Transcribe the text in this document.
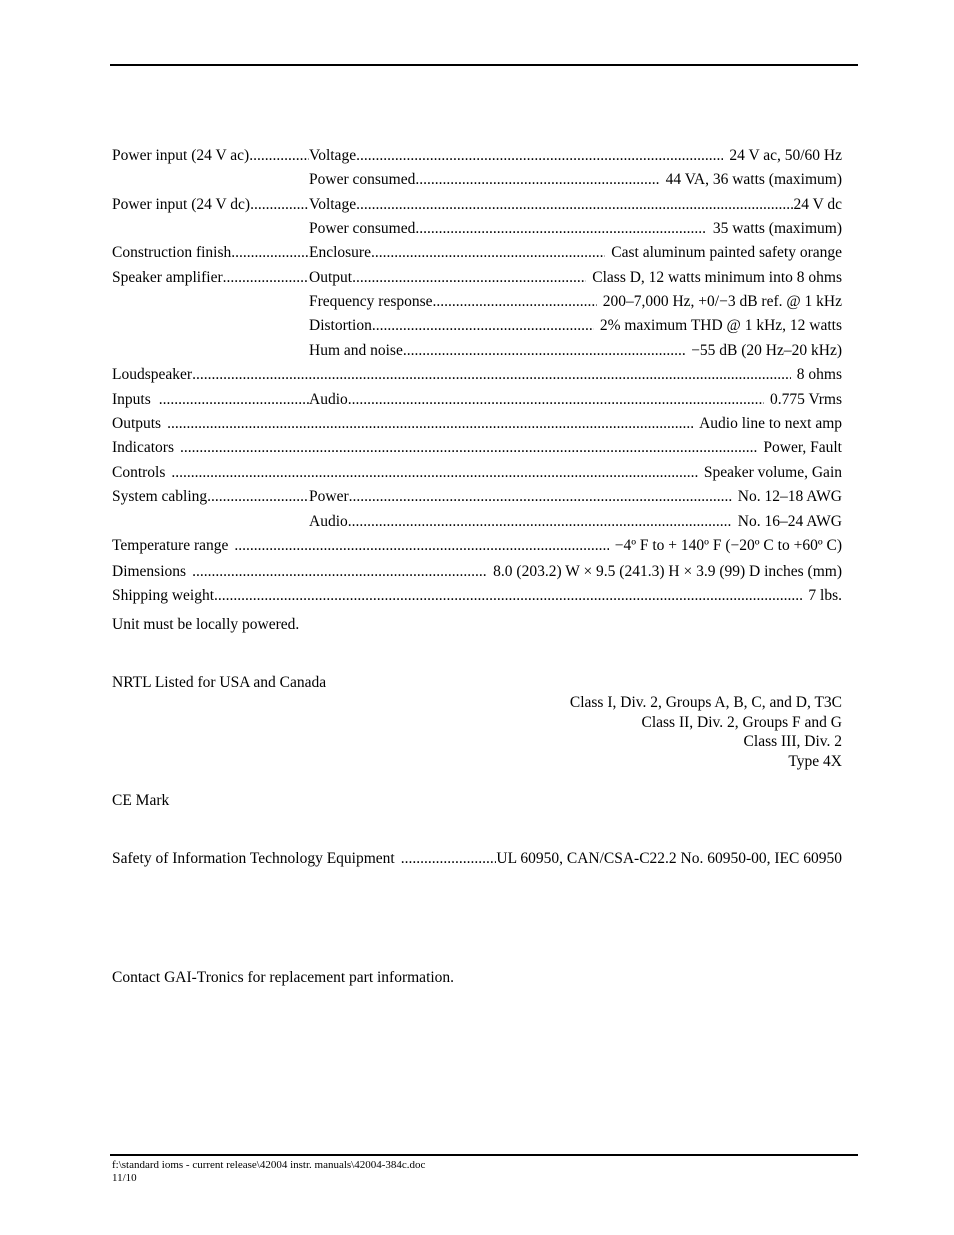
Power input (24 V ac) .....	Voltage .....	24 V ac, 50/60 Hz
Power consumed .....	44 VA, 36 watts (maximum)
Power input (24 V dc) .....	Voltage .....	24 V dc
Power consumed .....	35 watts (maximum)
Construction finish .....	Enclosure .....	Cast aluminum painted safety orange
Speaker amplifier .....	Output .....	Class D, 12 watts minimum into 8 ohms
Frequency response .....	200–7,000 Hz, +0/−3 dB ref. @ 1 kHz
Distortion .....	2% maximum THD @ 1 kHz, 12 watts
Hum and noise .....	−55 dB (20 Hz–20 kHz)
Loudspeaker .....	8 ohms
Inputs .....	Audio .....	0.775 Vrms
Outputs .....	Audio line to next amp
Indicators .....	Power, Fault
Controls .....	Speaker volume, Gain
System cabling .....	Power .....	No. 12–18 AWG
Audio .....	No. 16–24 AWG
Temperature range .....	−4º F to + 140º F (−20º C to +60º C)
Dimensions .....	8.0 (203.2) W × 9.5 (241.3) H × 3.9 (99) D inches (mm)
Shipping weight .....	7 lbs.
Unit must be locally powered.
NRTL Listed for USA and Canada
Class I, Div. 2, Groups A, B, C, and D, T3C
Class II, Div. 2, Groups F and G
Class III, Div. 2
Type 4X
CE Mark
Safety of Information Technology Equipment .....	UL 60950, CAN/CSA-C22.2 No. 60950-00, IEC 60950
Contact GAI-Tronics for replacement part information.
f:\standard ioms - current release\42004 instr. manuals\42004-384c.doc
11/10
